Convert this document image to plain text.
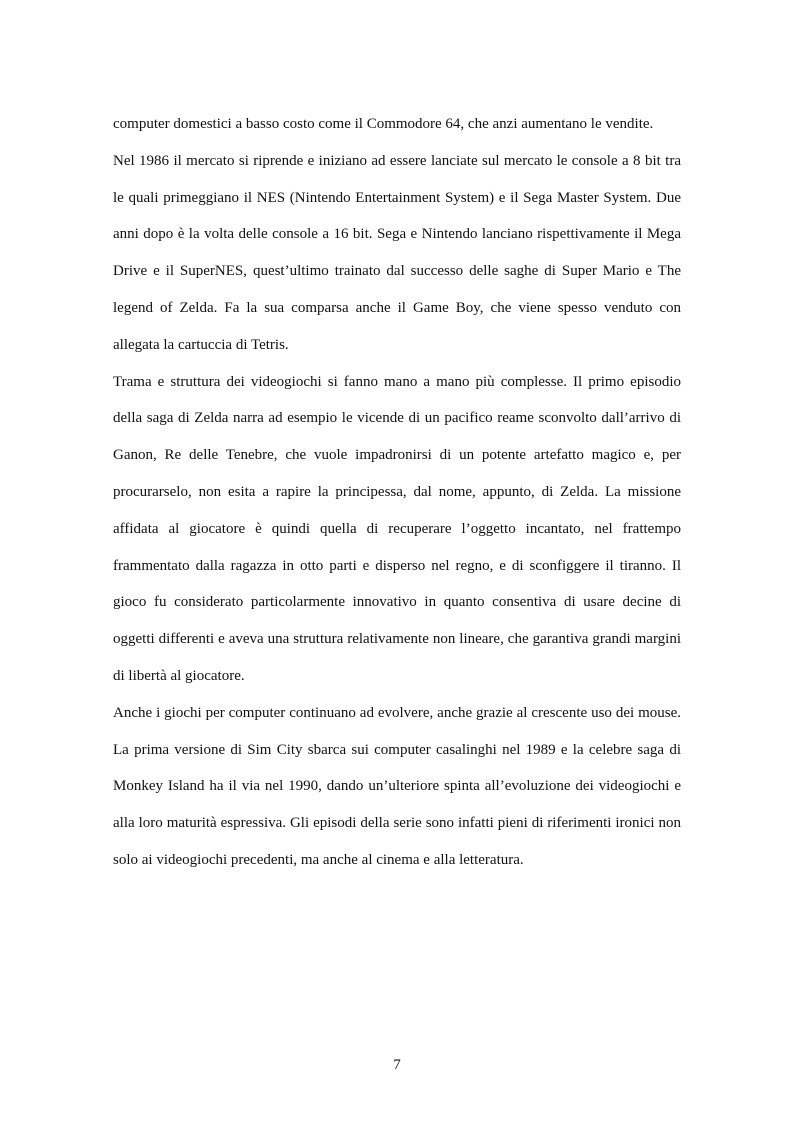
computer domestici a basso costo come il Commodore 64, che anzi aumentano le vendite.

Nel 1986 il mercato si riprende e iniziano ad essere lanciate sul mercato le console a 8 bit tra le quali primeggiano il NES (Nintendo Entertainment System) e il Sega Master System. Due anni dopo è la volta delle console a 16 bit. Sega e Nintendo lanciano rispettivamente il Mega Drive e il SuperNES, quest’ultimo trainato dal successo delle saghe di Super Mario e The legend of Zelda. Fa la sua comparsa anche il Game Boy, che viene spesso venduto con allegata la cartuccia di Tetris.

Trama e struttura dei videogiochi si fanno mano a mano più complesse. Il primo episodio della saga di Zelda narra ad esempio le vicende di un pacifico reame sconvolto dall’arrivo di Ganon, Re delle Tenebre, che vuole impadronirsi di un potente artefatto magico e, per procurarselo, non esita a rapire la principessa, dal nome, appunto, di Zelda. La missione affidata al giocatore è quindi quella di recuperare l’oggetto incantato, nel frattempo frammentato dalla ragazza in otto parti e disperso nel regno, e di sconfiggere il tiranno. Il gioco fu considerato particolarmente innovativo in quanto consentiva di usare decine di oggetti differenti e aveva una struttura relativamente non lineare, che garantiva grandi margini di libertà al giocatore.

Anche i giochi per computer continuano ad evolvere, anche grazie al crescente uso dei mouse. La prima versione di Sim City sbarca sui computer casalinghi nel 1989 e la celebre saga di Monkey Island ha il via nel 1990, dando un’ulteriore spinta all’evoluzione dei videogiochi e alla loro maturità espressiva. Gli episodi della serie sono infatti pieni di riferimenti ironici non solo ai videogiochi precedenti, ma anche al cinema e alla letteratura.

7
